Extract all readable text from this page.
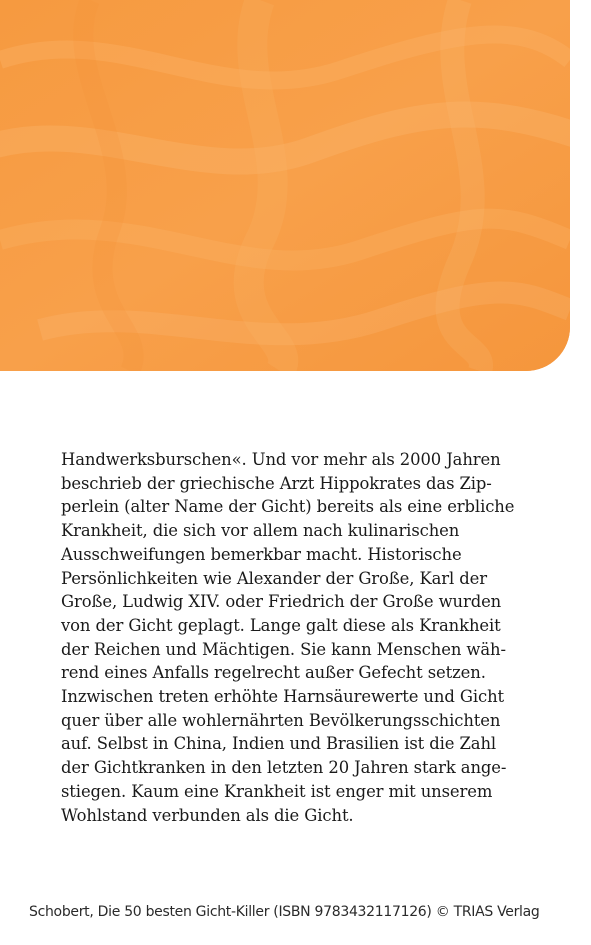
Handwerksburschen«. Und vor mehr als 2000 Jahren
beschrieb der griechische Arzt Hippokrates das Zip-
perlein (alter Name der Gicht) bereits als eine erbliche
Krankheit, die sich vor allem nach kulinarischen
Ausschweifungen bemerkbar macht. Historische
Persönlichkeiten wie Alexander der Große, Karl der
Große, Ludwig XIV. oder Friedrich der Große wurden
von der Gicht geplagt. Lange galt diese als Krankheit
der Reichen und Mächtigen. Sie kann Menschen wäh-
rend eines Anfalls regelrecht außer Gefecht setzen.
Inzwischen treten erhöhte Harnsäurewerte und Gicht
quer über alle wohlernährten Bevölkerungsschichten
auf. Selbst in China, Indien und Brasilien ist die Zahl
der Gichtkranken in den letzten 20 Jahren stark ange-
stiegen. Kaum eine Krankheit ist enger mit unserem
Wohlstand verbunden als die Gicht.
Schobert, Die 50 besten Gicht-Killer (ISBN 9783432117126) © TRIAS Verlag
